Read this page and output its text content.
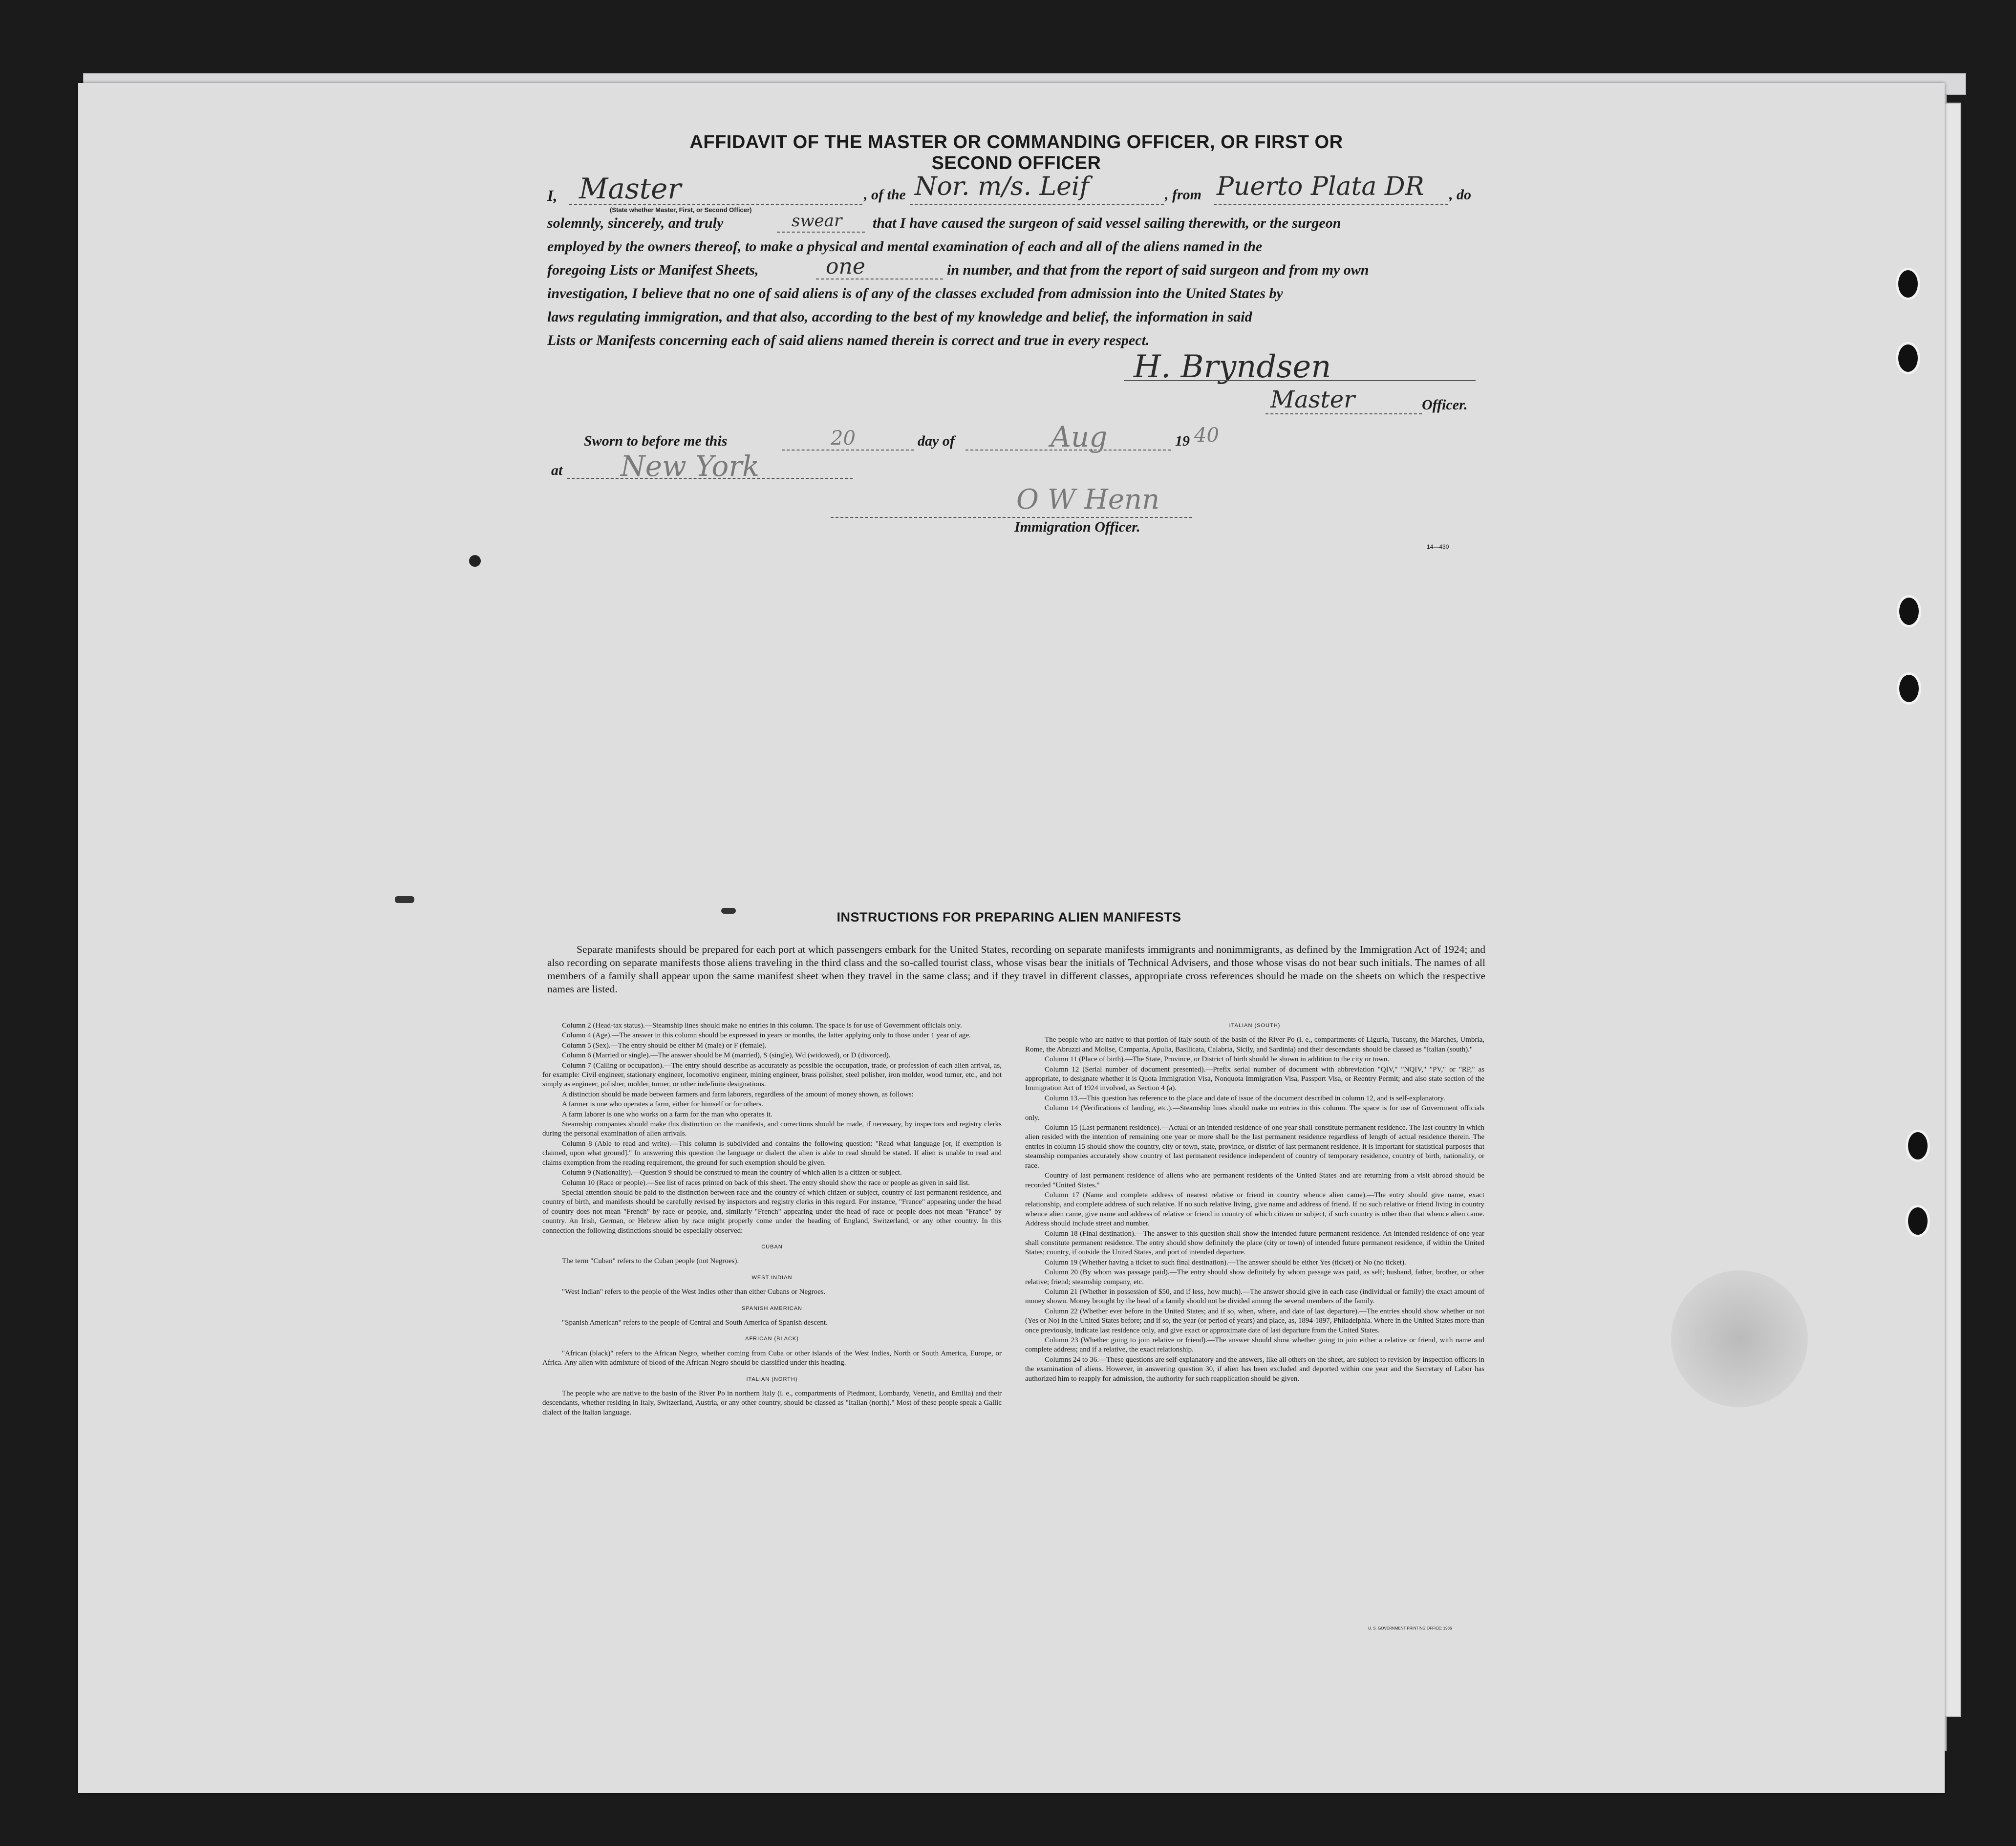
AFFIDAVIT OF THE MASTER OR COMMANDING OFFICER, OR FIRST OR SECOND OFFICER
I, Master	, of the Nor. m/s. Leif	, from Puerto Plata DR , do
(State whether Master, First, or Second Officer)
solemnly, sincerely, and truly	swear that I have caused the surgeon of said vessel sailing therewith, or the surgeon
employed by the owners thereof, to make a physical and mental examination of each and all of the aliens named in the
foregoing Lists or Manifest Sheets,	one	in number, and that from the report of said surgeon and from my own
investigation, I believe that no one of said aliens is of any of the classes excluded from admission into the United States by
laws regulating immigration, and that also, according to the best of my knowledge and belief, the information in said
Lists or Manifests concerning each of said aliens named therein is correct and true in every respect.
H. Bryndsen
Master	Officer.
Sworn to before me this	20	day of	Aug	19 40
at New York
O W Henn
Immigration Officer.
14—430
INSTRUCTIONS FOR PREPARING ALIEN MANIFESTS
Separate manifests should be prepared for each port at which passengers embark for the United States, recording on separate manifests immigrants and nonimmigrants, as defined by the Immigration Act of 1924; and also recording on separate manifests those aliens traveling in the third class and the so-called tourist class, whose visas bear the initials of Technical Advisers, and those whose visas do not bear such initials. The names of all members of a family shall appear upon the same manifest sheet when they travel in the same class; and if they travel in different classes, appropriate cross references should be made on the sheets on which the respective names are listed.

Column 2 (Head-tax status).—Steamship lines should make no entries in this column. The space is for use of Government officials only.

Column 4 (Age).—The answer in this column should be expressed in years or months, the latter applying only to those under 1 year of age.

Column 5 (Sex).—The entry should be either M (male) or F (female).

Column 6 (Married or single).—The answer should be M (married), S (single), Wd (widowed), or D (divorced).

Column 7 (Calling or occupation).—The entry should describe as accurately as possible the occupation, trade, or profession of each alien arrival, as, for example: Civil engineer, stationary engineer, locomotive engineer, mining engineer, brass polisher, steel polisher, iron molder, wood turner, etc., and not simply as engineer, polisher, molder, turner, or other indefinite designations.

A distinction should be made between farmers and farm laborers, regardless of the amount of money shown, as follows:

A farmer is one who operates a farm, either for himself or for others.

A farm laborer is one who works on a farm for the man who operates it.

Steamship companies should make this distinction on the manifests, and corrections should be made, if necessary, by inspectors and registry clerks during the personal examination of alien arrivals.

Column 8 (Able to read and write).—This column is subdivided and contains the following question: "Read what language [or, if exemption is claimed, upon what ground]." In answering this question the language or dialect the alien is able to read should be stated. If alien is unable to read and claims exemption from the reading requirement, the ground for such exemption should be given.

Column 9 (Nationality).—Question 9 should be construed to mean the country of which alien is a citizen or subject.

Column 10 (Race or people).—See list of races printed on back of this sheet. The entry should show the race or people as given in said list.

Special attention should be paid to the distinction between race and the country of which citizen or subject, country of last permanent residence, and country of birth, and manifests should be carefully revised by inspectors and registry clerks in this regard. For instance, "France" appearing under the head of country does not mean "French" by race or people, and, similarly "French" appearing under the head of race or people does not mean "France" by country. An Irish, German, or Hebrew alien by race might properly come under the heading of England, Switzerland, or any other country. In this connection the following distinctions should be especially observed:

CUBAN

The term "Cuban" refers to the Cuban people (not Negroes).

WEST INDIAN

"West Indian" refers to the people of the West Indies other than either Cubans or Negroes.

SPANISH AMERICAN

"Spanish American" refers to the people of Central and South America of Spanish descent.

AFRICAN (BLACK)

"African (black)" refers to the African Negro, whether coming from Cuba or other islands of the West Indies, North or South America, Europe, or Africa. Any alien with admixture of blood of the African Negro should be classified under this heading.

ITALIAN (NORTH)

The people who are native to the basin of the River Po in northern Italy (i. e., compartments of Piedmont, Lombardy, Venetia, and Emilia) and their descendants, whether residing in Italy, Switzerland, Austria, or any other country, should be classed as "Italian (north)." Most of these people speak a Gallic dialect of the Italian language.

ITALIAN (SOUTH)

The people who are native to that portion of Italy south of the basin of the River Po (i. e., compartments of Liguria, Tuscany, the Marches, Umbria, Rome, the Abruzzi and Molise, Campania, Apulia, Basilicata, Calabria, Sicily, and Sardinia) and their descendants should be classed as "Italian (south)."

Column 11 (Place of birth).—The State, Province, or District of birth should be shown in addition to the city or town.

Column 12 (Serial number of document presented).—Prefix serial number of document with abbreviation "QIV," "NQIV," "PV," or "RP," as appropriate, to designate whether it is Quota Immigration Visa, Nonquota Immigration Visa, Passport Visa, or Reentry Permit; and also state section of the Immigration Act of 1924 involved, as Section 4 (a).

Column 13.—This question has reference to the place and date of issue of the document described in column 12, and is self-explanatory.

Column 14 (Verifications of landing, etc.).—Steamship lines should make no entries in this column. The space is for use of Government officials only.

Column 15 (Last permanent residence).—Actual or an intended residence of one year shall constitute permanent residence. The last country in which alien resided with the intention of remaining one year or more shall be the last permanent residence regardless of length of actual residence therein. The entries in column 15 should show the country, city or town, state, province, or district of last permanent residence. It is important for statistical purposes that steamship companies accurately show country of last permanent residence independent of country of temporary residence, country of birth, nationality, or race.

Country of last permanent residence of aliens who are permanent residents of the United States and are returning from a visit abroad should be recorded "United States."

Column 17 (Name and complete address of nearest relative or friend in country whence alien came).—The entry should give name, exact relationship, and complete address of such relative. If no such relative living, give name and address of friend. If no such relative or friend living in country whence alien came, give name and address of relative or friend in country of which citizen or subject, if such country is other than that whence alien came. Address should include street and number.

Column 18 (Final destination).—The answer to this question shall show the intended future permanent residence. An intended residence of one year shall constitute permanent residence. The entry should show definitely the place (city or town) of intended future permanent residence, if within the United States; country, if outside the United States, and port of intended departure.

Column 19 (Whether having a ticket to such final destination).—The answer should be either Yes (ticket) or No (no ticket).

Column 20 (By whom was passage paid).—The entry should show definitely by whom passage was paid, as self; husband, father, brother, or other relative; friend; steamship company, etc.

Column 21 (Whether in possession of $50, and if less, how much).—The answer should give in each case (individual or family) the exact amount of money shown. Money brought by the head of a family should not be divided among the several members of the family.

Column 22 (Whether ever before in the United States; and if so, when, where, and date of last departure).—The entries should show whether or not (Yes or No) in the United States before; and if so, the year (or period of years) and place, as, 1894-1897, Philadelphia. Where in the United States more than once previously, indicate last residence only, and give exact or approximate date of last departure from the United States.

Column 23 (Whether going to join relative or friend).—The answer should show whether going to join either a relative or friend, with name and complete address; and if a relative, the exact relationship.

Columns 24 to 36.—These questions are self-explanatory and the answers, like all others on the sheet, are subject to revision by inspection officers in the examination of aliens. However, in answering question 30, if alien has been excluded and deported within one year and the Secretary of Labor has authorized him to reapply for admission, the authority for such reapplication should be given.

U. S. GOVERNMENT PRINTING OFFICE: 1936
